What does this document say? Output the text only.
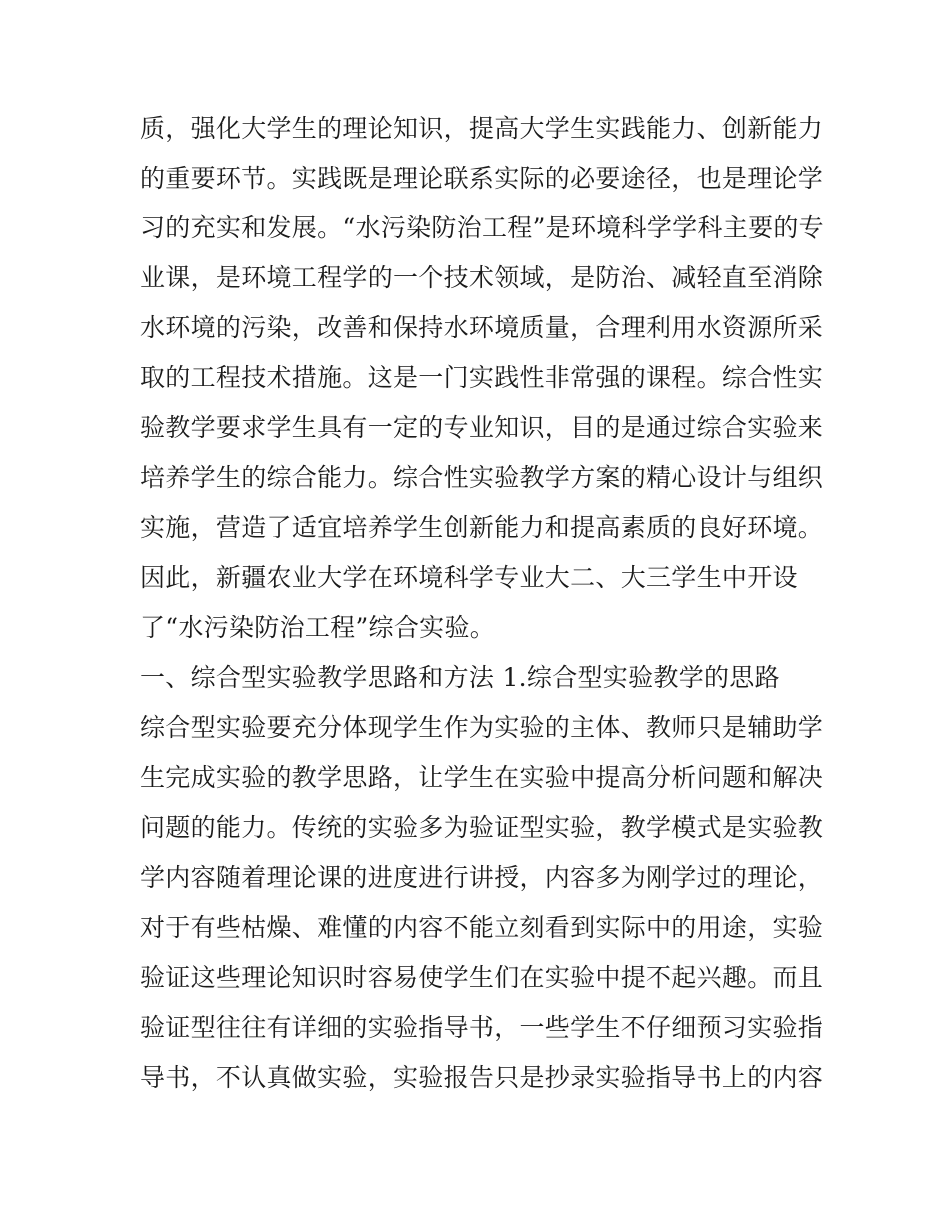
质，强化大学生的理论知识，提高大学生实践能力、创新能力
的重要环节。实践既是理论联系实际的必要途径，也是理论学
习的充实和发展。“水污染防治工程”是环境科学学科主要的专
业课，是环境工程学的一个技术领域，是防治、减轻直至消除
水环境的污染，改善和保持水环境质量，合理利用水资源所采
取的工程技术措施。这是一门实践性非常强的课程。综合性实
验教学要求学生具有一定的专业知识，目的是通过综合实验来
培养学生的综合能力。综合性实验教学方案的精心设计与组织
实施，营造了适宜培养学生创新能力和提高素质的良好环境。
因此，新疆农业大学在环境科学专业大二、大三学生中开设
了“水污染防治工程”综合实验。
一、综合型实验教学思路和方法 1.综合型实验教学的思路
综合型实验要充分体现学生作为实验的主体、教师只是辅助学
生完成实验的教学思路，让学生在实验中提高分析问题和解决
问题的能力。传统的实验多为验证型实验，教学模式是实验教
学内容随着理论课的进度进行讲授，内容多为刚学过的理论，
对于有些枯燥、难懂的内容不能立刻看到实际中的用途，实验
验证这些理论知识时容易使学生们在实验中提不起兴趣。而且
验证型往往有详细的实验指导书，一些学生不仔细预习实验指
导书，不认真做实验，实验报告只是抄录实验指导书上的内容
